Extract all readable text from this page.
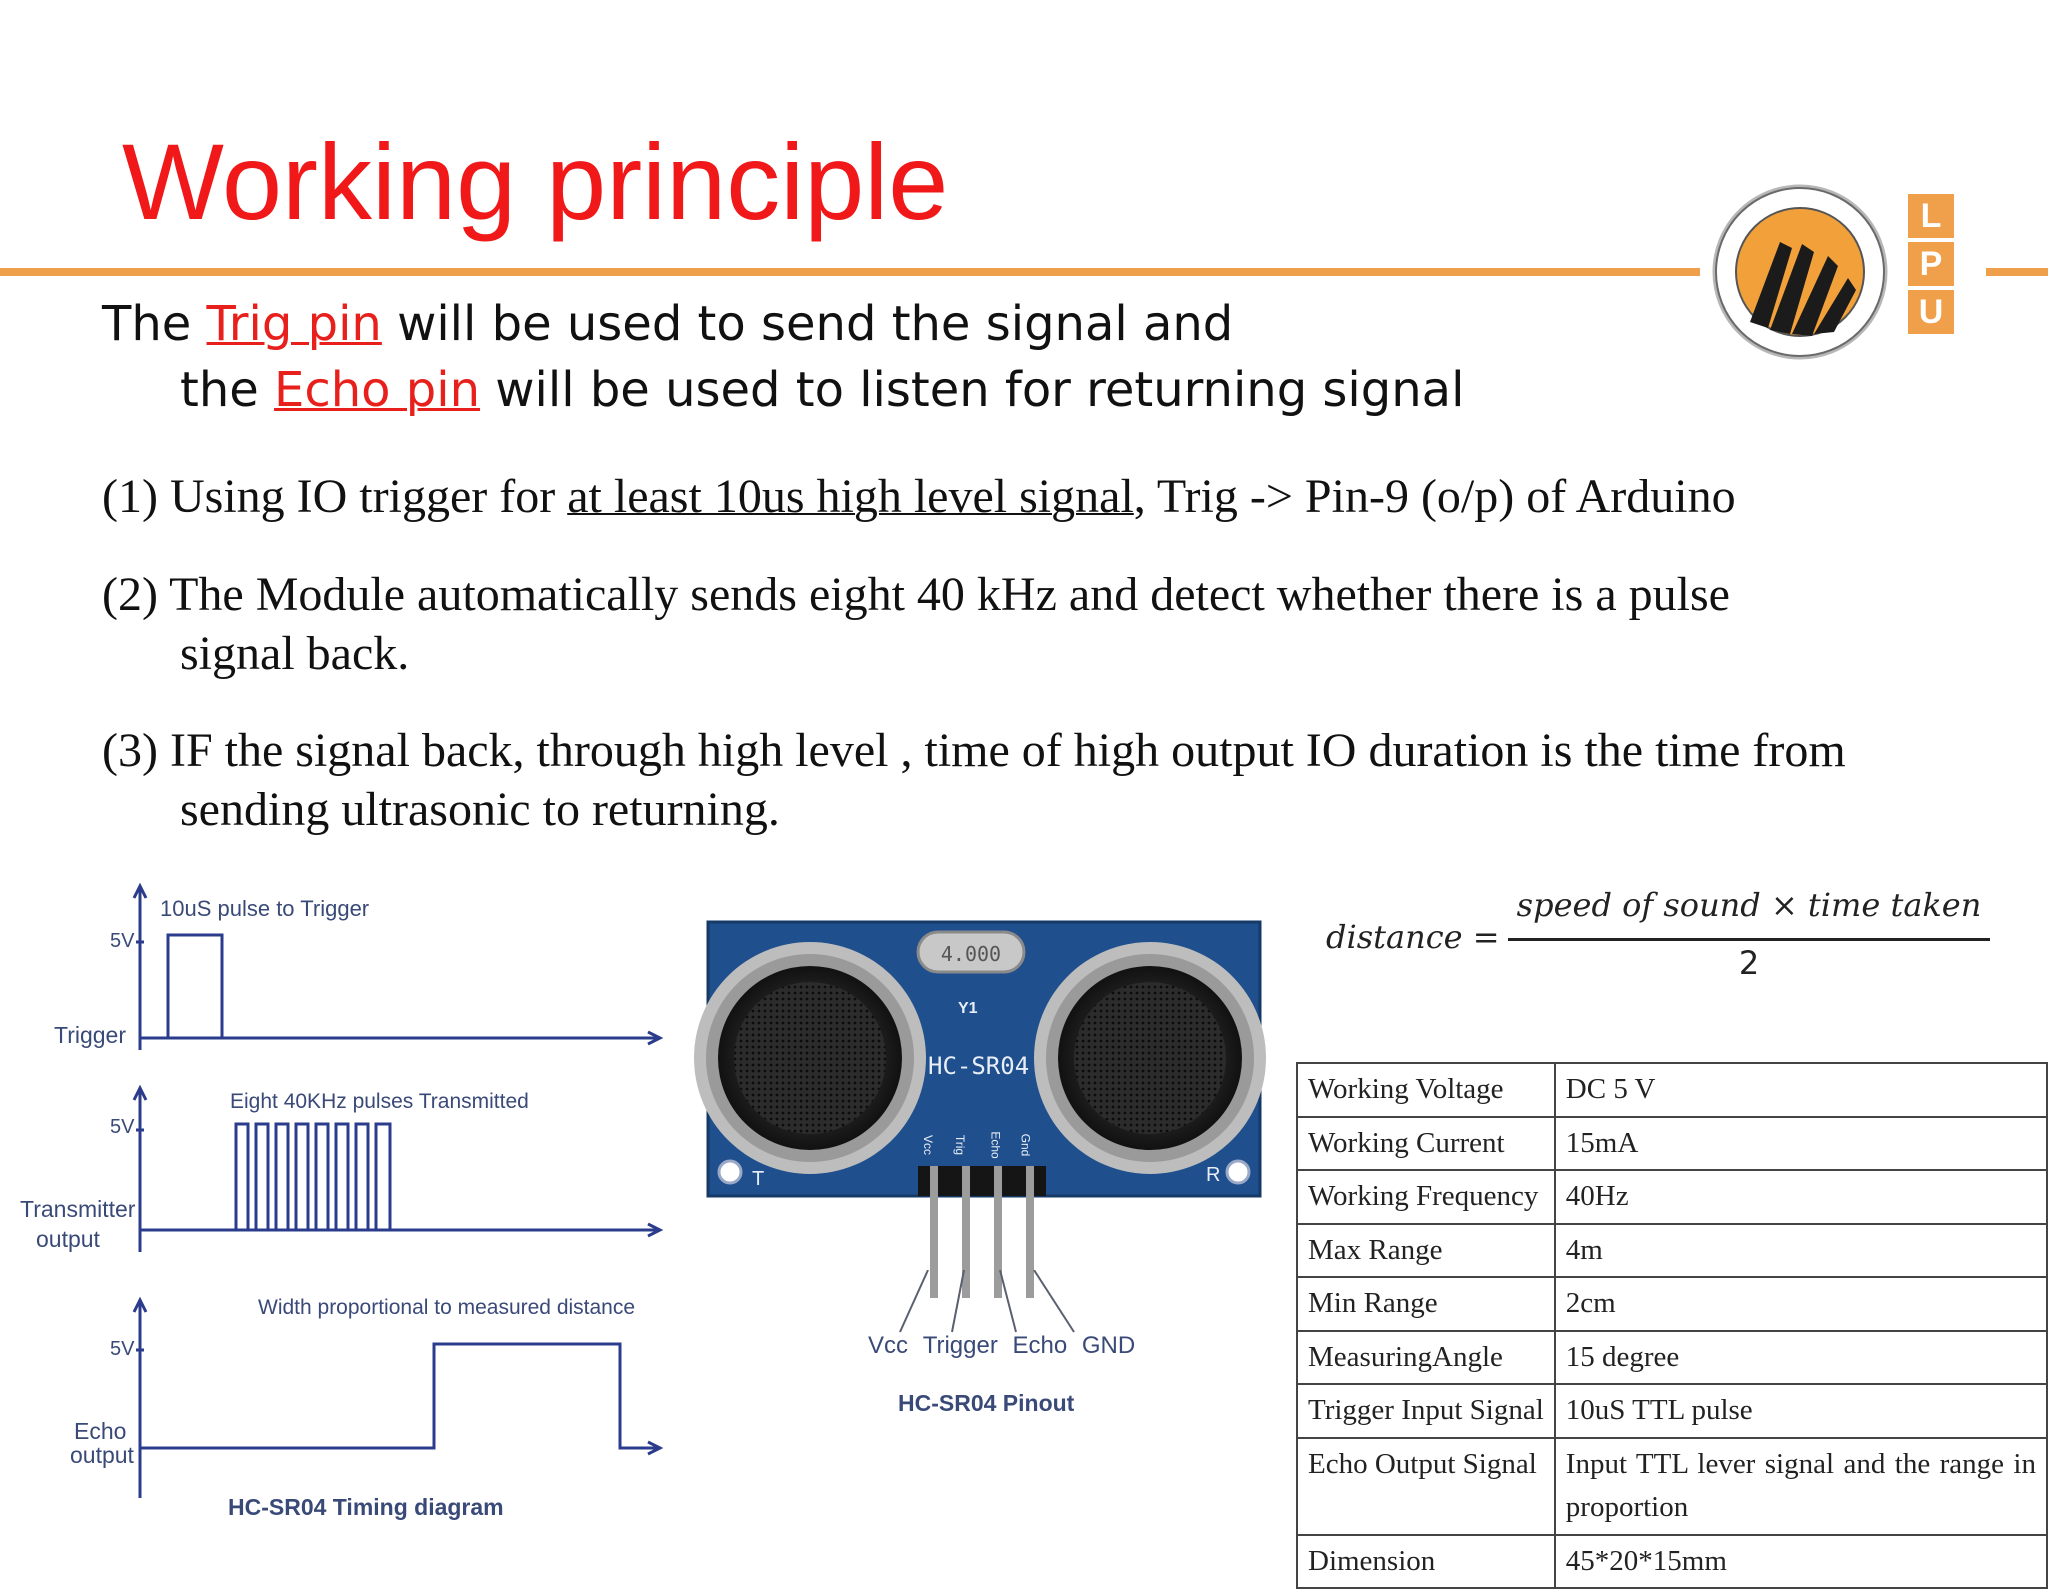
Working principle	L
P
U
The Trig pin will be used to send the signal and
the Echo pin will be used to listen for returning signal
(1) Using IO trigger for at least 10us high level signal, Trig -> Pin-9 (o/p) of Arduino
(2) The Module automatically sends eight 40 kHz and detect whether there is a pulse
signal back.
(3) IF the signal back, through high level , time of high output IO duration is the time from
sending ultrasonic to returning.
10uS pulse to Trigger
5V
Trigger
Eight 40KHz pulses Transmitted
5V
Transmitter
output
Width proportional to measured distance
5V
Echo
output
HC-SR04 Timing diagram
4.000
Y1
HC-SR04
Vcc Trig Echo Gnd
T	R
Vcc Trigger Echo GND
HC-SR04 Pinout
distance =
speed of sound × time taken
2
Working Voltage	DC 5 V
Working Current	15mA
Working Frequency	40Hz
Max Range	4m
Min Range	2cm
MeasuringAngle	15 degree
Trigger Input Signal	10uS TTL pulse
Echo Output Signal	Input TTL lever signal and the range in proportion
Dimension	45*20*15mm
